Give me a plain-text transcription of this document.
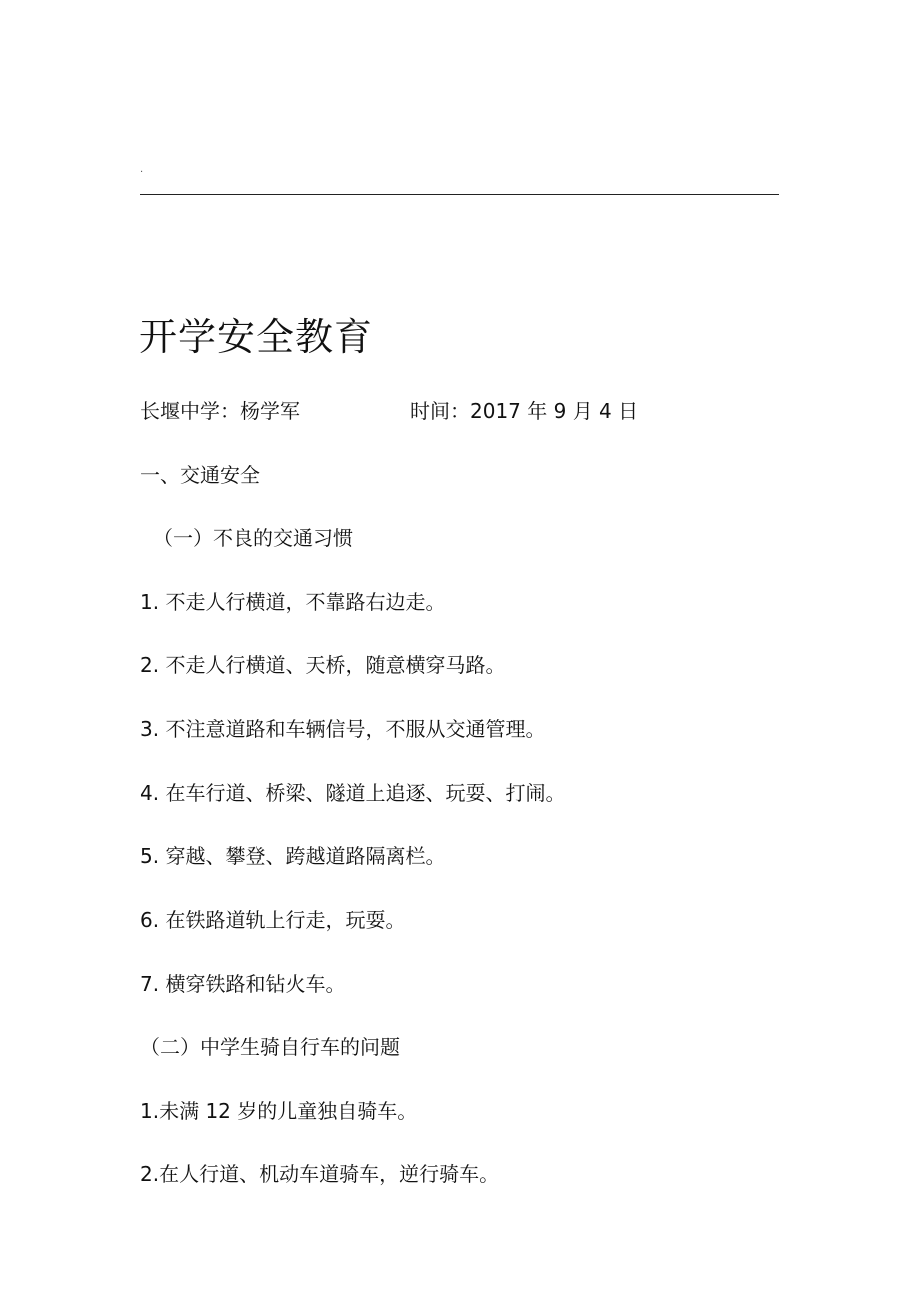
.
开学安全教育
长堰中学：杨学军	时间：2017 年 9 月 4 日
一、交通安全
（一）不良的交通习惯
1. 不走人行横道，不靠路右边走。
2. 不走人行横道、天桥，随意横穿马路。
3. 不注意道路和车辆信号，不服从交通管理。
4. 在车行道、桥梁、隧道上追逐、玩耍、打闹。
5. 穿越、攀登、跨越道路隔离栏。
6. 在铁路道轨上行走，玩耍。
7. 横穿铁路和钻火车。
（二）中学生骑自行车的问题
1.未满 12 岁的儿童独自骑车。
2.在人行道、机动车道骑车，逆行骑车。
